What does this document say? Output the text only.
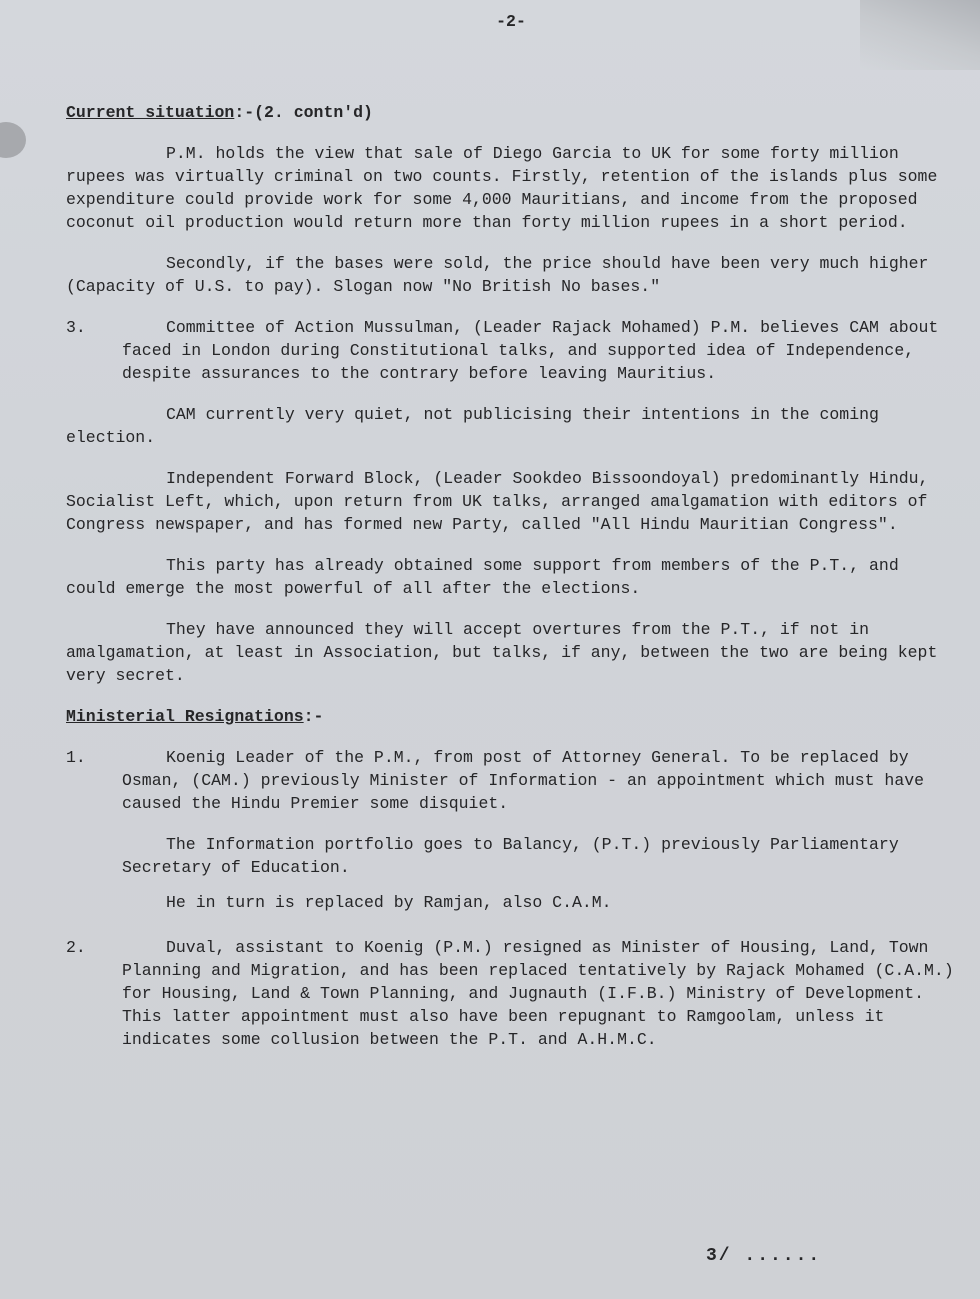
-2-
Current situation:-(2. contn'd)

P.M. holds the view that sale of Diego Garcia to UK for some forty million rupees was virtually criminal on two counts. Firstly, retention of the islands plus some expenditure could provide work for some 4,000 Mauritians, and income from the proposed coconut oil production would return more than forty million rupees in a short period.

Secondly, if the bases were sold, the price should have been very much higher (Capacity of U.S. to pay). Slogan now "No British No bases."

3.	Committee of Action Mussulman, (Leader Rajack Mohamed) P.M. believes CAM about faced in London during Constitutional talks, and supported idea of Independence, despite assurances to the contrary before leaving Mauritius.

CAM currently very quiet, not publicising their intentions in the coming election.

Independent Forward Block, (Leader Sookdeo Bissoondoyal) predominantly Hindu, Socialist Left, which, upon return from UK talks, arranged amalgamation with editors of Congress newspaper, and has formed new Party, called "All Hindu Mauritian Congress".

This party has already obtained some support from members of the P.T., and could emerge the most powerful of all after the elections.

They have announced they will accept overtures from the P.T., if not in amalgamation, at least in Association, but talks, if any, between the two are being kept very secret.

Ministerial Resignations:-
1.	Koenig Leader of the P.M., from post of Attorney General. To be replaced by Osman, (CAM.) previously Minister of Information - an appointment which must have caused the Hindu Premier some disquiet.

The Information portfolio goes to Balancy, (P.T.) previously Parliamentary Secretary of Education.

He in turn is replaced by Ramjan, also C.A.M.

2.	Duval, assistant to Koenig (P.M.) resigned as Minister of Housing, Land, Town Planning and Migration, and has been replaced tentatively by Rajack Mohamed (C.A.M.) for Housing, Land & Town Planning, and Jugnauth (I.F.B.) Ministry of Development. This latter appointment must also have been repugnant to Ramgoolam, unless it indicates some collusion between the P.T. and A.H.M.C.
3/ ......
